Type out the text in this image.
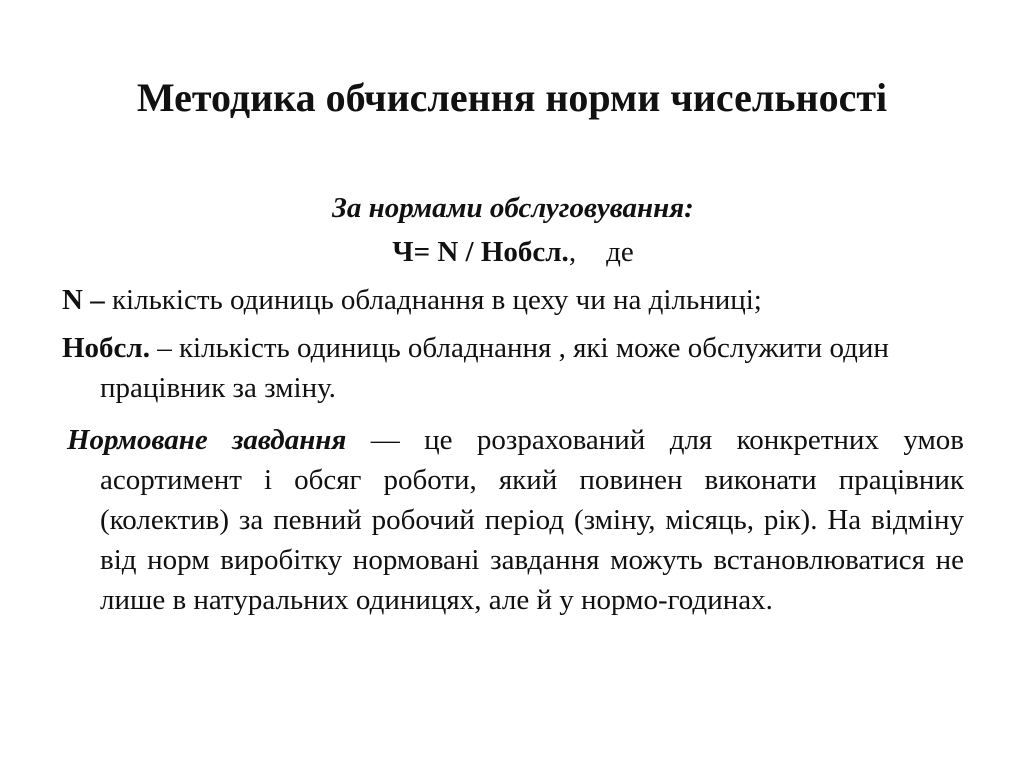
Методика обчислення норми чисельності

За нормами обслуговування:

Ч= N / Нобсл., де

N – кількість одиниць обладнання в цеху чи на дільниці;

Нобсл. – кількість одиниць обладнання , які може обслужити один працівник за зміну.

Нормоване завдання — це розрахований для конкретних умов асортимент і обсяг роботи, який повинен виконати працівник (колектив) за певний робочий період (зміну, місяць, рік). На відміну від норм виробітку нормовані завдання можуть встановлюватися не лише в натуральних одиницях, але й у нормо-годинах.
